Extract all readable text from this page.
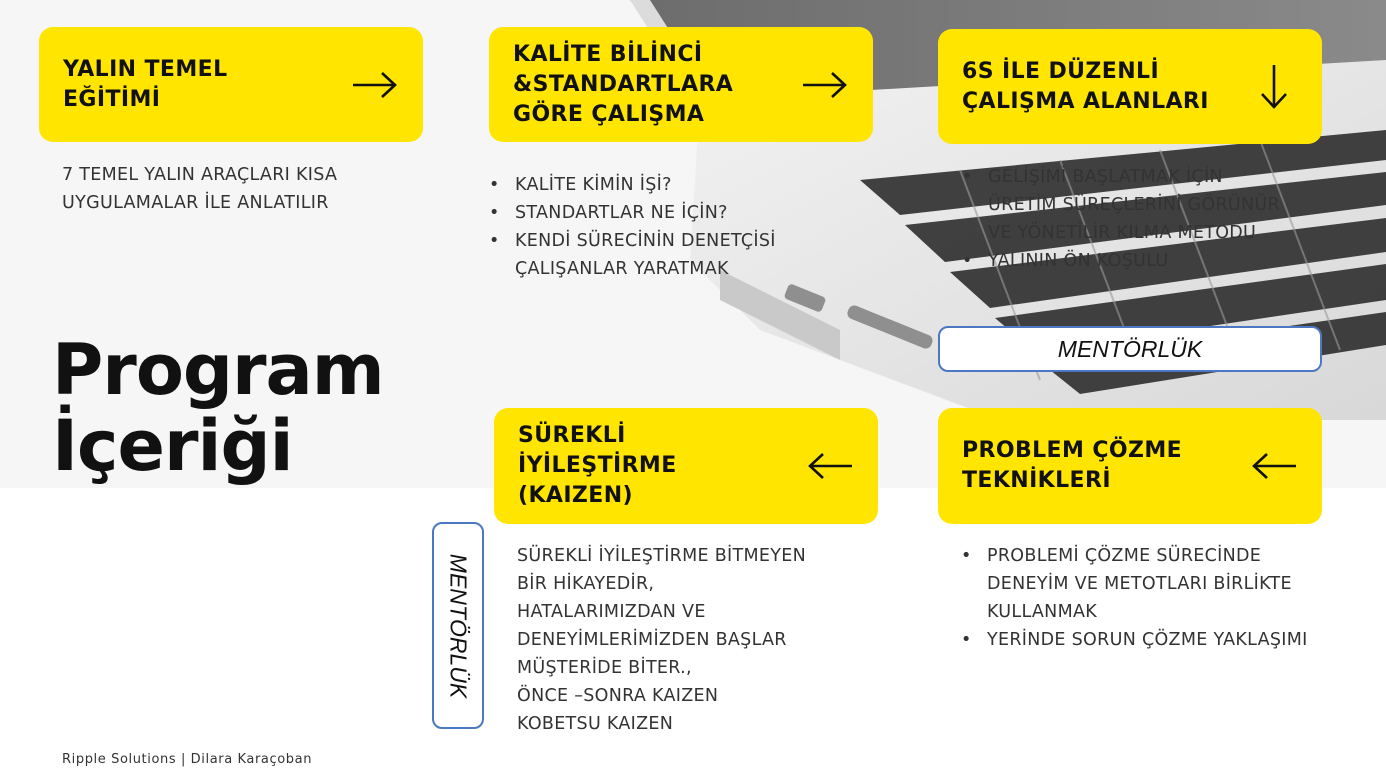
YALIN TEMEL
EĞİTİMİ
7 TEMEL YALIN ARAÇLARI KISA
UYGULAMALAR İLE ANLATILIR
KALİTE BİLİNCİ
&STANDARTLARA
GÖRE ÇALIŞMA
• KALİTE KİMİN İŞİ?
• STANDARTLAR NE İÇİN?
• KENDİ SÜRECİNİN DENETÇİSİ ÇALIŞANLAR YARATMAK
6S İLE DÜZENLİ
ÇALIŞMA ALANLARI
• GELİŞİMİ BAŞLATMAK İÇİN ÜRETİM SÜREÇLERİNİ GÖRÜNÜR VE YÖNETİLİR KILMA METODU
• YALININ ÖN KOŞULU
MENTÖRLÜK
Program
İçeriği	SÜREKLİ
İYİLEŞTİRME
(KAIZEN)
SÜREKLİ İYİLEŞTİRME BİTMEYEN
BİR HİKAYEDİR,
HATALARIMIZDAN VE
DENEYİMLERİMİZDEN BAŞLAR
MÜŞTERİDE BİTER.,
ÖNCE –SONRA KAIZEN
KOBETSU KAIZEN
MENTÖRLÜK
PROBLEM ÇÖZME
TEKNİKLERİ
• PROBLEMİ ÇÖZME SÜRECİNDE DENEYİM VE METOTLARI BİRLİKTE KULLANMAK
• YERİNDE SORUN ÇÖZME YAKLAŞIMI
Ripple Solutions | Dilara Karaçoban
